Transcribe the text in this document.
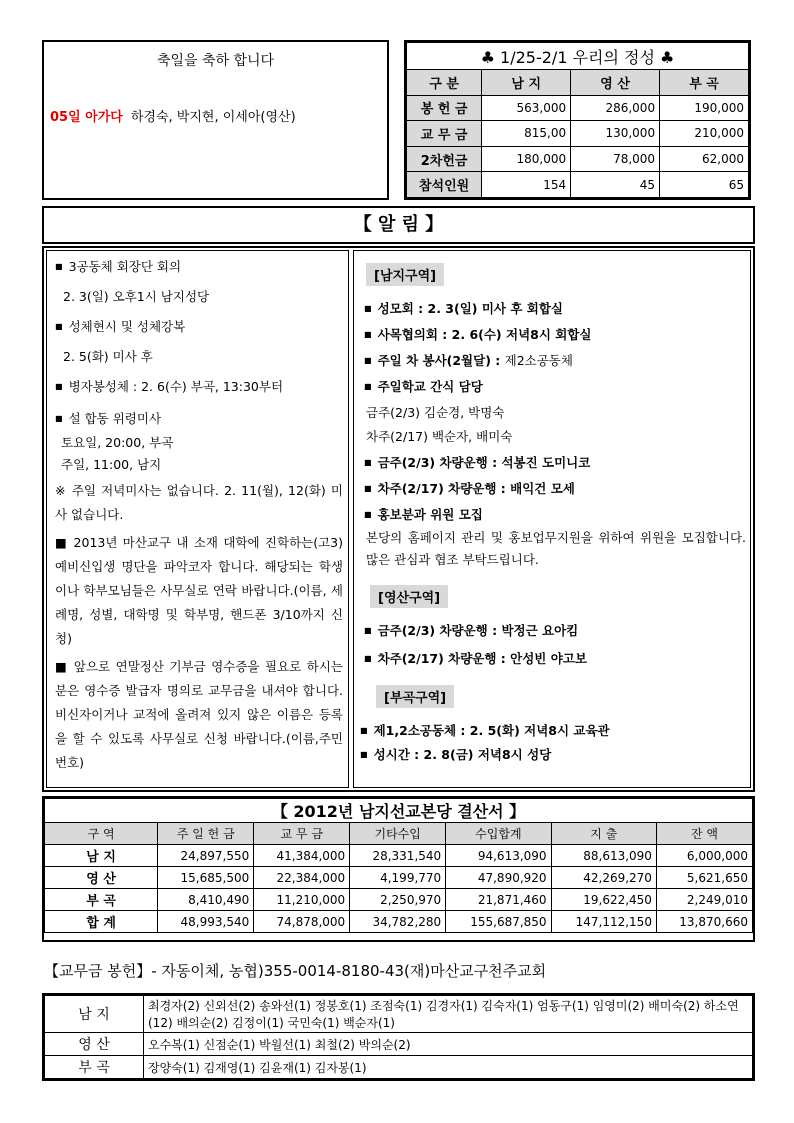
축일을 축하 합니다
05일 아가다 하경숙, 박지현, 이세아(영산)
♣ 1/25-2/1 우리의 정성 ♣			
구 분	남 지	영 산	부 곡
봉 헌 금	563,000	286,000	190,000
교 무 금	815,00	130,000	210,000
2차헌금	180,000	78,000	62,000
참석인원	154	45	65
【 알 림 】
■ 3공동체 회장단 회의
2. 3(일) 오후1시 남지성당
■ 성체현시 및 성체강복
2. 5(화) 미사 후
■ 병자봉성체 : 2. 6(수) 부곡, 13:30부터
■ 설 합동 위령미사
토요일, 20:00, 부곡
주일, 11:00, 남지
※ 주일 저녁미사는 없습니다. 2. 11(월), 12(화) 미사 없습니다.
■ 2013년 마산교구 내 소재 대학에 진학하는(고3) 예비신입생 명단을 파악코자 합니다. 해당되는 학생이나 학부모님들은 사무실로 연락 바랍니다.(이름, 세례명, 성별, 대학명 및 학부명, 핸드폰 3/10까지 신청)
■ 앞으로 연말정산 기부금 영수증을 필요로 하시는 분은 영수증 발급자 명의로 교무금을 내셔야 합니다. 비신자이거나 교적에 올려져 있지 않은 이름은 등록을 할 수 있도록 사무실로 신청 바랍니다.(이름,주민번호)
[남지구역]
■ 성모회 : 2. 3(일) 미사 후 회합실
■ 사목협의회 : 2. 6(수) 저녁8시 회합실
■ 주일 차 봉사(2월달) : 제2소공동체
■ 주일학교 간식 담당
금주(2/3) 김순경, 박명숙
차주(2/17) 백순자, 배미숙
■ 금주(2/3) 차량운행 : 석봉진 도미니코
■ 차주(2/17) 차량운행 : 배익건 모세
■ 홍보분과 위원 모집
본당의 홈페이지 관리 및 홍보업무지원을 위하여 위원을 모집합니다. 많은 관심과 협조 부탁드립니다.
[영산구역]
■ 금주(2/3) 차량운행 : 박정근 요아킴
■ 차주(2/17) 차량운행 : 안성빈 야고보
[부곡구역]
■ 제1,2소공동체 : 2. 5(화) 저녁8시 교육관
■ 성시간 : 2. 8(금) 저녁8시 성당
【 2012년 남지선교본당 결산서 】						
구 역	주 일 헌 금	교 무 금	기타수입	수입합계	지 출	잔 액
남 지	24,897,550	41,384,000	28,331,540	94,613,090	88,613,090	6,000,000
영 산	15,685,500	22,384,000	4,199,770	47,890,920	42,269,270	5,621,650
부 곡	8,410,490	11,210,000	2,250,970	21,871,460	19,622,450	2,249,010
합 계	48,993,540	74,878,000	34,782,280	155,687,850	147,112,150	13,870,660
【교무금 봉헌】- 자동이체, 농협)355-0014-8180-43(재)마산교구천주교회
남 지	최경자(2) 신외선(2) 송와선(1) 정봉호(1) 조점숙(1) 김경자(1) 김숙자(1) 엄동구(1) 임영미(2) 배미숙(2) 하소연(12) 배의순(2) 김정이(1) 국민숙(1) 백순자(1)
영 산	오수복(1) 신점순(1) 박월선(1) 최철(2) 박의순(2)
부 곡	장양숙(1) 김재영(1) 김윤재(1) 김자봉(1)
